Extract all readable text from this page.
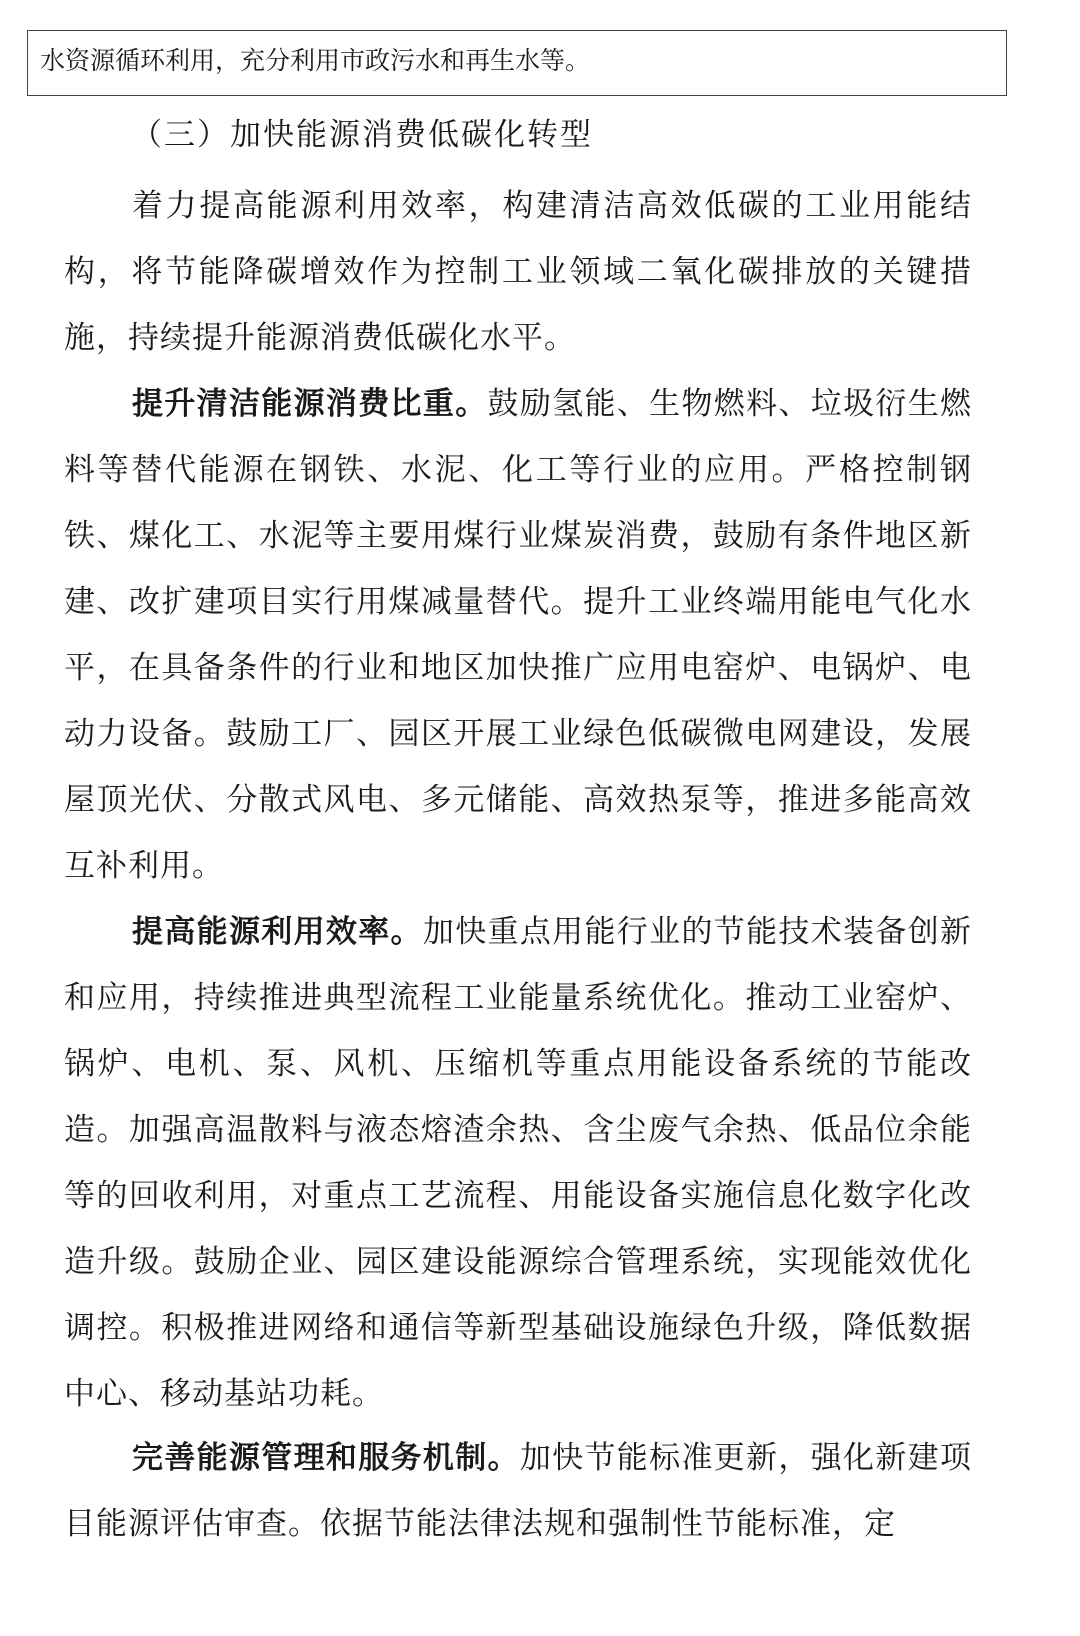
水资源循环利用，充分利用市政污水和再生水等。
（三）加快能源消费低碳化转型
着力提高能源利用效率，构建清洁高效低碳的工业用能结构，将节能降碳增效作为控制工业领域二氧化碳排放的关键措施，持续提升能源消费低碳化水平。
提升清洁能源消费比重。鼓励氢能、生物燃料、垃圾衍生燃料等替代能源在钢铁、水泥、化工等行业的应用。严格控制钢铁、煤化工、水泥等主要用煤行业煤炭消费，鼓励有条件地区新建、改扩建项目实行用煤减量替代。提升工业终端用能电气化水平，在具备条件的行业和地区加快推广应用电窑炉、电锅炉、电动力设备。鼓励工厂、园区开展工业绿色低碳微电网建设，发展屋顶光伏、分散式风电、多元储能、高效热泵等，推进多能高效互补利用。
提高能源利用效率。加快重点用能行业的节能技术装备创新和应用，持续推进典型流程工业能量系统优化。推动工业窑炉、锅炉、电机、泵、风机、压缩机等重点用能设备系统的节能改造。加强高温散料与液态熔渣余热、含尘废气余热、低品位余能等的回收利用，对重点工艺流程、用能设备实施信息化数字化改造升级。鼓励企业、园区建设能源综合管理系统，实现能效优化调控。积极推进网络和通信等新型基础设施绿色升级，降低数据中心、移动基站功耗。
完善能源管理和服务机制。加快节能标准更新，强化新建项目能源评估审查。依据节能法律法规和强制性节能标准，定
